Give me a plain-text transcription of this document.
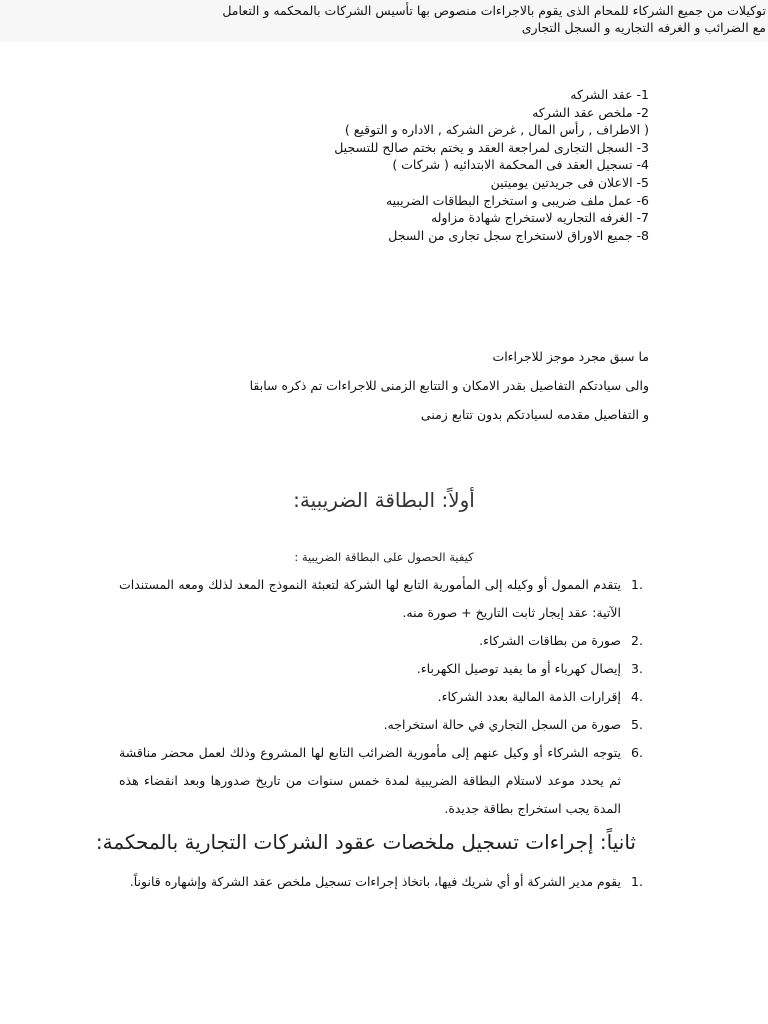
1- عقد الشركه
2- ملخص عقد الشركه
( الاطراف , رأس المال , غرض الشركه , الاداره و التوقيع )
3- السجل التجارى لمراجعة العقد و يختم بختم صالح للتسجيل
4- تسجيل العقد فى المحكمة الابتدائيه ( شركات )
5- الاعلان فى جريدتين يوميتين
6- عمل ملف ضريبى و استخراج البطاقات الضريبيه
7- الغرفه التجاريه لاستخراج شهادة مزاوله
8- جميع الاوراق لاستخراج سجل تجارى من السجل
توكيلات من جميع الشركاء للمحام الذى يقوم بالاجراءات منصوص بها تأسيس الشركات بالمحكمه و التعامل
مع الضرائب و الغرفه التجاريه و السجل التجارى
ما سبق مجرد موجز للاجراءات
والى سيادتكم التفاصيل بقدر الامكان و التتابع الزمنى للاجراءات تم ذكره سابقا
و التفاصيل مقدمه لسيادتكم بدون تتابع زمنى
أولاً: البطاقة الضريبية:
كيفية الحصول على البطاقة الضريبية :
1.
يتقدم الممول أو وكيله إلى المأمورية التابع لها الشركة لتعبئة النموذج المعد لذلك ومعه المستندات الآتية: عقد إيجار ثابت التاريخ + صورة منه.
2.
صورة من بطاقات الشركاء.
3.
إيصال كهرباء أو ما يفيد توصيل الكهرباء.
4.
إقرارات الذمة المالية بعدد الشركاء.
5.
صورة من السجل التجاري في حالة استخراجه.
6.
يتوجه الشركاء أو وكيل عنهم إلى مأمورية الضرائب التابع لها المشروع وذلك لعمل محضر مناقشة ثم يحدد موعد لاستلام البطاقة الضريبية لمدة خمس سنوات من تاريخ صدورها وبعد انقضاء هذه المدة يجب استخراج بطاقة جديدة.
ثانياً: إجراءات تسجيل ملخصات عقود الشركات التجارية بالمحكمة:
1.
يقوم مدير الشركة أو أي شريك فيها، باتخاذ إجراءات تسجيل ملخص عقد الشركة وإشهاره قانوناً.
